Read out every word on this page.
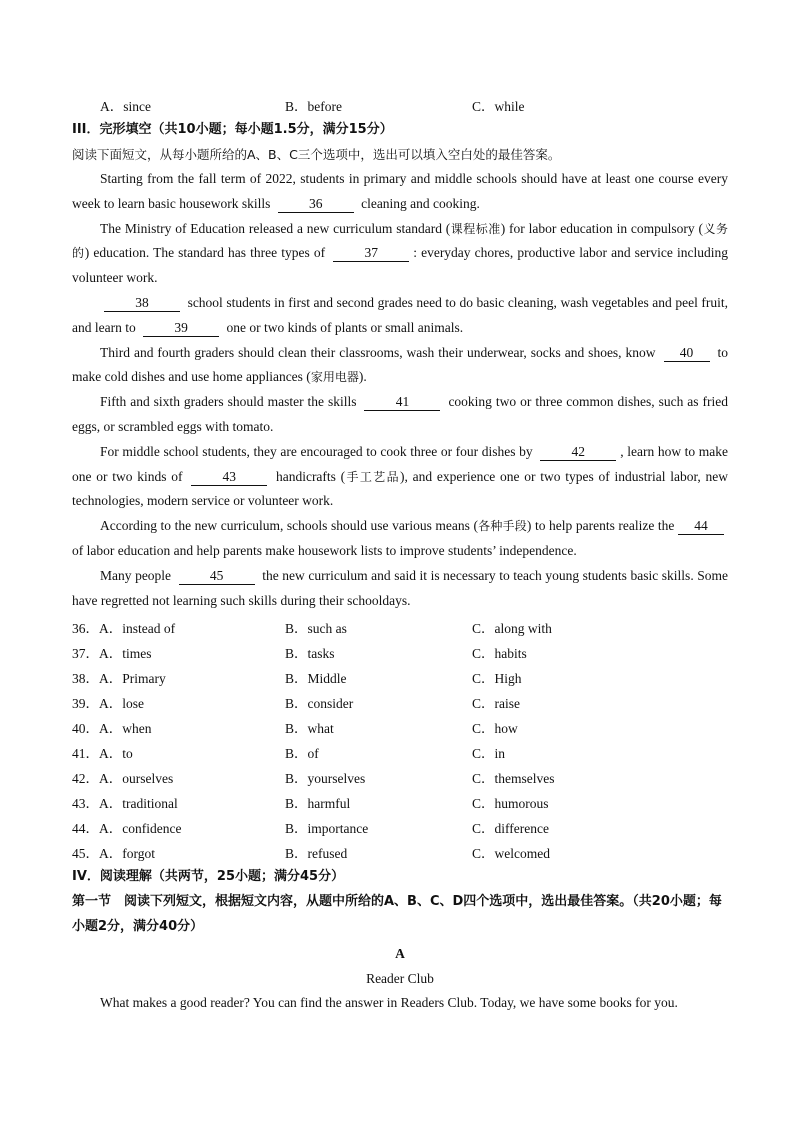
A．since	B．before	C．while
III．完形填空（共10小题；每小题1.5分，满分15分）
阅读下面短文，从每小题所给的A、B、C三个选项中，选出可以填入空白处的最佳答案。

Starting from the fall term of 2022, students in primary and middle schools should have at least one course every week to learn basic housework skills	36	cleaning and cooking.

The Ministry of Education released a new curriculum standard (课程标准) for labor education in compulsory (义务的) education. The standard has three types of	37	: everyday chores, productive labor and service including volunteer work.

38	school students in first and second grades need to do basic cleaning, wash vegetables and peel fruit, and learn to	39	one or two kinds of plants or small animals.

Third and fourth graders should clean their classrooms, wash their underwear, socks and shoes, know 40 to make cold dishes and use home appliances (家用电器).

Fifth and sixth graders should master the skills	41	cooking two or three common dishes, such as fried eggs, or scrambled eggs with tomato.

For middle school students, they are encouraged to cook three or four dishes by	42	, learn how to make one or two kinds of	43	handicrafts (手工艺品), and experience one or two types of industrial labor, new technologies, modern service or volunteer work.

According to the new curriculum, schools should use various means (各种手段) to help parents realize the 44 of labor education and help parents make housework lists to improve students’ independence.

Many people	45	the new curriculum and said it is necessary to teach young students basic skills. Some have regretted not learning such skills during their schooldays.

36．A．instead of	B．such as	C．along with
37．A．times	B．tasks	C．habits
38．A．Primary	B．Middle	C．High
39．A．lose	B．consider	C．raise
40．A．when	B．what	C．how
41．A．to	B．of	C．in
42．A．ourselves	B．yourselves	C．themselves
43．A．traditional	B．harmful	C．humorous
44．A．confidence	B．importance	C．difference
45．A．forgot	B．refused	C．welcomed
IV．阅读理解（共两节，25小题；满分45分）
第一节　阅读下列短文，根据短文内容，从题中所给的A、B、C、D四个选项中，选出最佳答案。（共20小题；每小题2分，满分40分）
A
Reader Club

What makes a good reader? You can find the answer in Readers Club. Today, we have some books for you.
